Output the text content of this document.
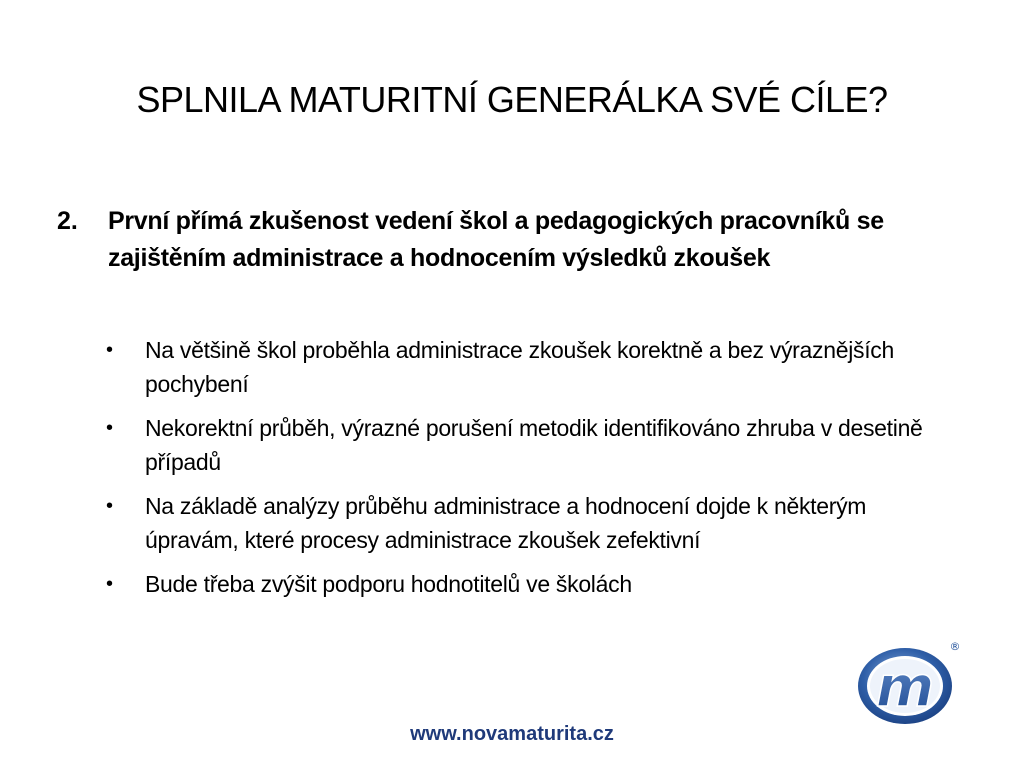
SPLNILA MATURITNÍ GENERÁLKA SVÉ CÍLE?
2. První přímá zkušenost vedení škol a pedagogických pracovníků se zajištěním administrace a hodnocením výsledků zkoušek
• Na většině škol proběhla administrace zkoušek korektně a bez výraznějších pochybení
• Nekorektní průběh, výrazné porušení metodik identifikováno zhruba v desetině případů
• Na základě analýzy průběhu administrace a hodnocení dojde k některým úpravám, které procesy administrace zkoušek zefektivní
• Bude třeba zvýšit podporu hodnotitelů ve školách
m
®
www.novamaturita.cz
